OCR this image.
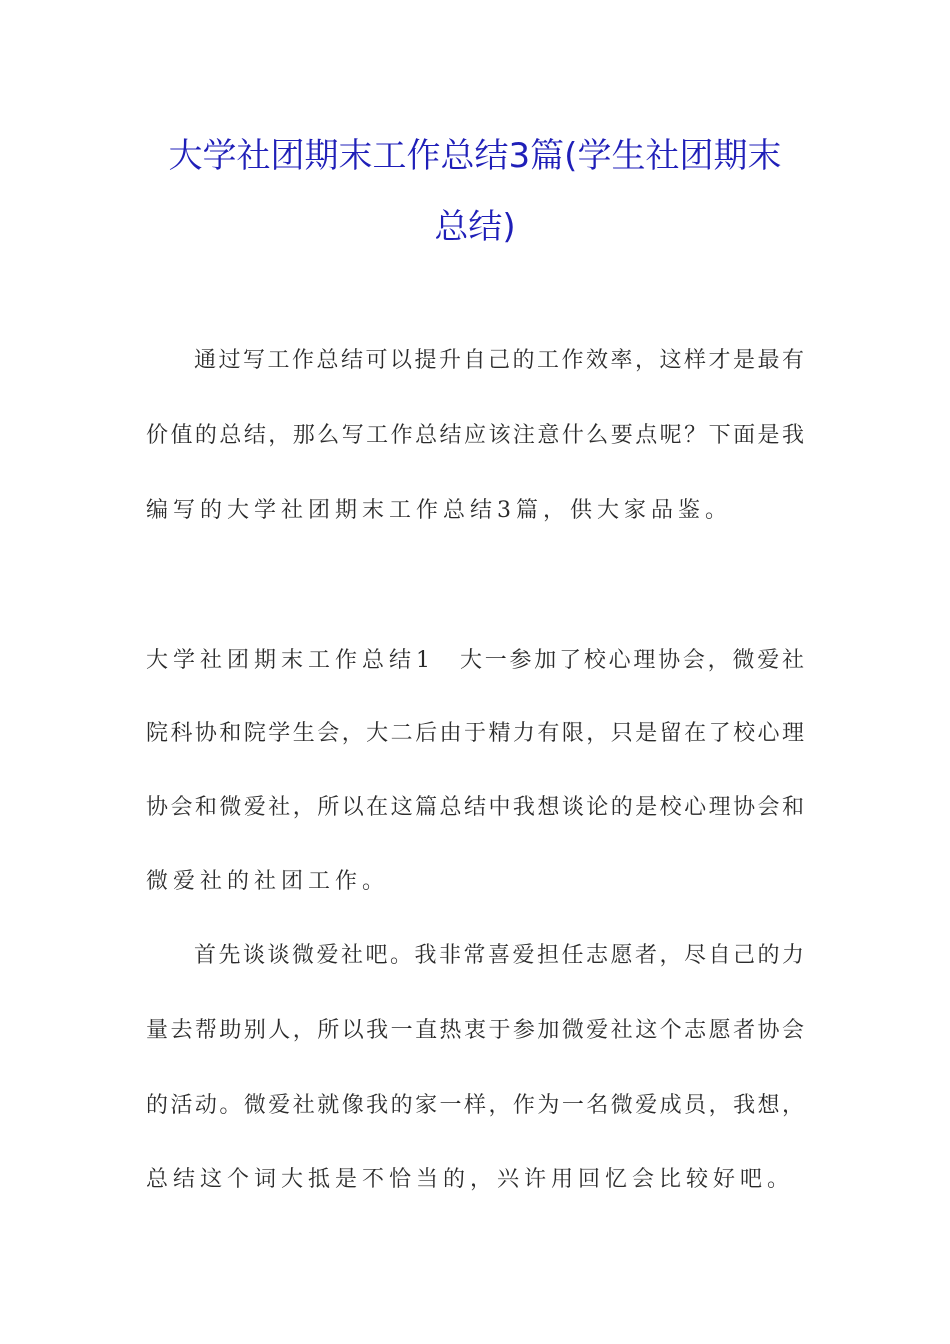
大学社团期末工作总结3篇(学生社团期末
总结)
通过写工作总结可以提升自己的工作效率，这样才是最有
价值的总结，那么写工作总结应该注意什么要点呢？下面是我
编写的大学社团期末工作总结3篇，供大家品鉴。
大学社团期末工作总结1 大一参加了校心理协会，微爱社
院科协和院学生会，大二后由于精力有限，只是留在了校心理
协会和微爱社，所以在这篇总结中我想谈论的是校心理协会和
微爱社的社团工作。
首先谈谈微爱社吧。我非常喜爱担任志愿者，尽自己的力
量去帮助别人，所以我一直热衷于参加微爱社这个志愿者协会
的活动。微爱社就像我的家一样，作为一名微爱成员，我想，
总结这个词大抵是不恰当的，兴许用回忆会比较好吧。
